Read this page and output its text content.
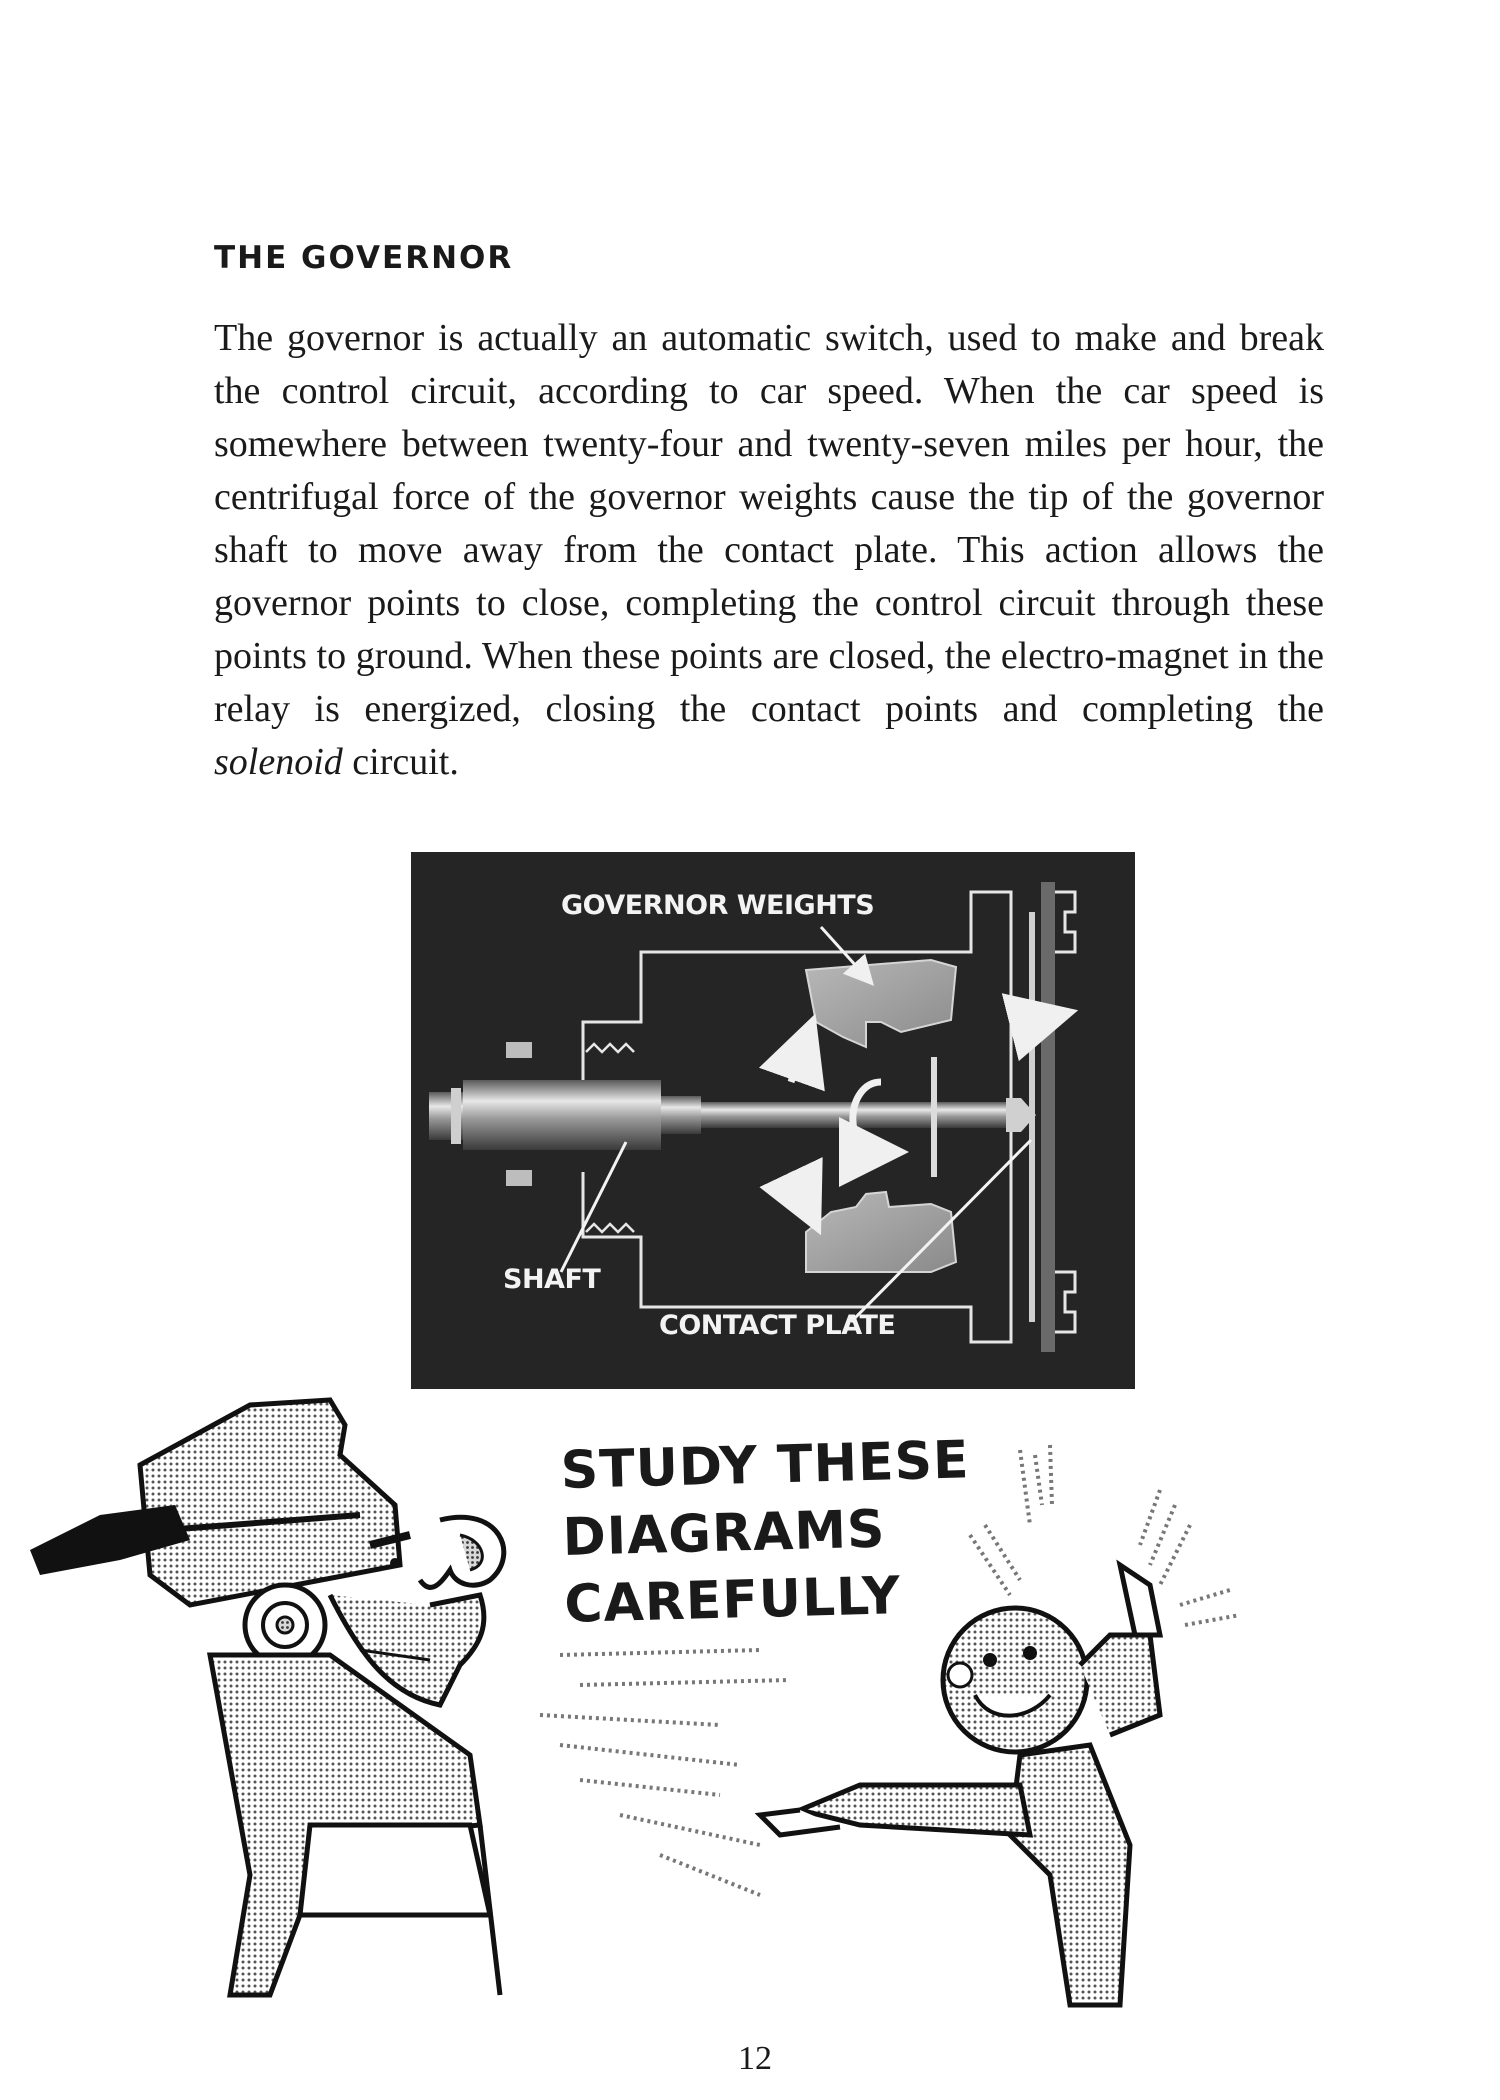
THE GOVERNOR
The governor is actually an automatic switch, used to make and break the control circuit, according to car speed. When the car speed is somewhere between twenty-four and twenty-seven miles per hour, the centrifugal force of the governor weights cause the tip of the governor shaft to move away from the contact plate. This action allows the governor points to close, completing the control circuit through these points to ground. When these points are closed, the electro-magnet in the relay is energized, closing the contact points and completing the solenoid circuit.
GOVERNOR WEIGHTS
SHAFT
CONTACT PLATE
STUDY THESE
DIAGRAMS
CAREFULLY
12
